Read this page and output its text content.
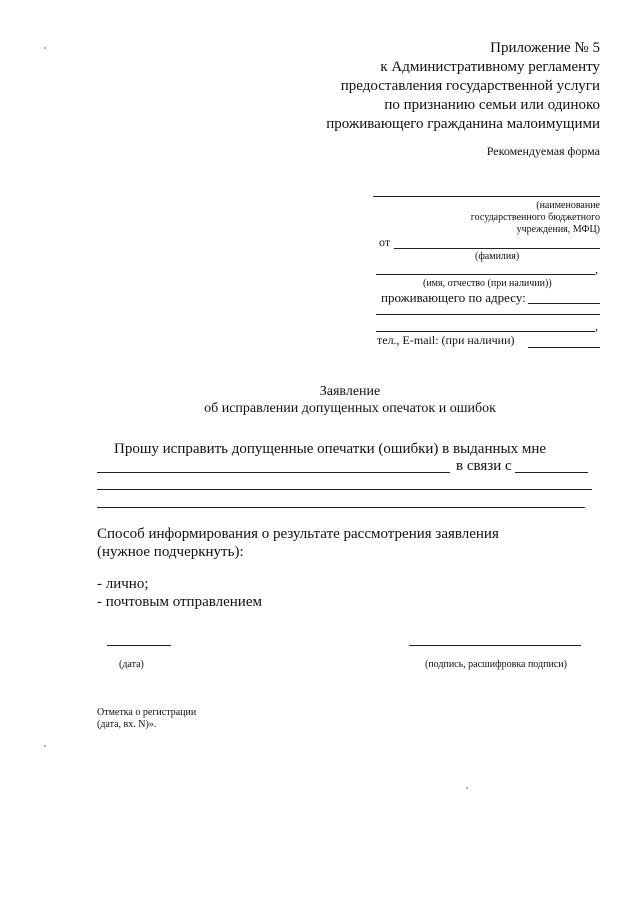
Приложение № 5
к Административному регламенту
предоставления государственной услуги
по признанию семьи или одиноко
проживающего гражданина малоимущими
Рекомендуемая форма
(наименование
государственного бюджетного
учреждения, МФЦ)
от
(фамилия)
,
(имя, отчество (при наличии))
проживающего по адресу:
,
тел., E-mail: (при наличии)
Заявление
об исправлении допущенных опечаток и ошибок
Прошу исправить допущенные опечатки (ошибки) в выданных мне
в связи с
Способ информирования о результате рассмотрения заявления
(нужное подчеркнуть):
- лично;
- почтовым отправлением
(дата)	(подпись, расшифровка подписи)
Отметка о регистрации
(дата, вх. N)».
